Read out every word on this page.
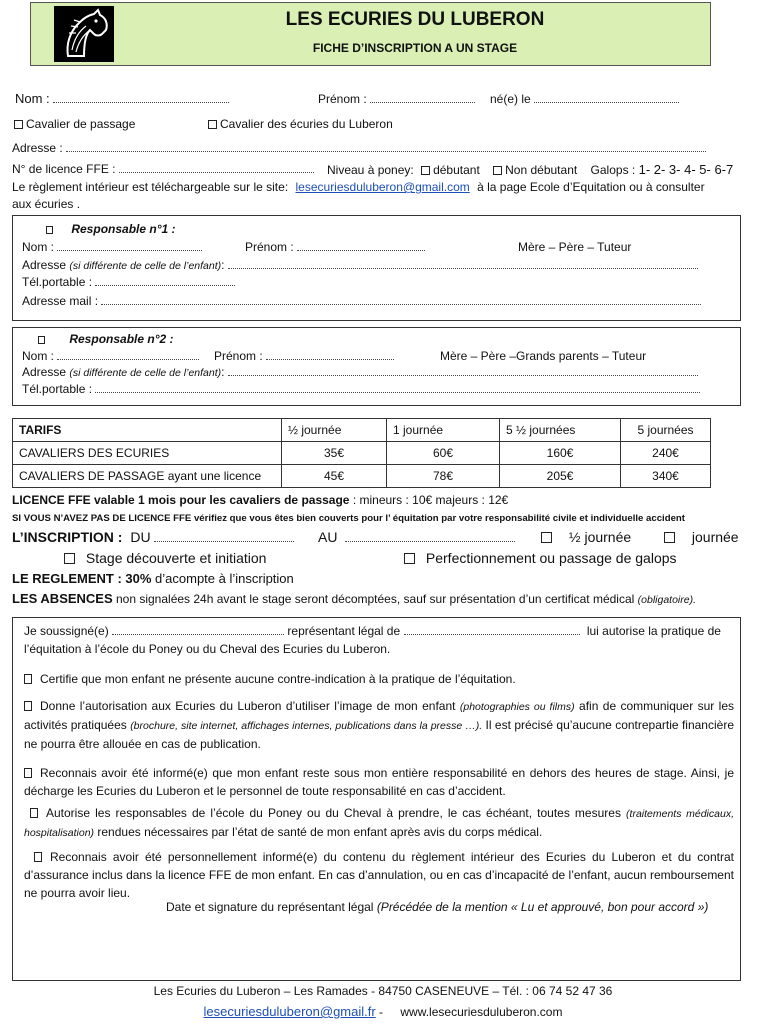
LES ECURIES DU LUBERON
FICHE D’INSCRIPTION A UN STAGE
Nom :	Prénom :	né(e) le
Cavalier de passage	Cavalier des écuries du Luberon
Adresse :
N° de licence FFE :	Niveau à poney: débutant Non débutant Galops : 1- 2- 3- 4- 5- 6-7
Le règlement intérieur est téléchargeable sur le site: lesecuriesduluberon@gmail.com à la page Ecole d’Equitation ou à consulter
aux écuries .
Responsable n°1 :
Nom :	Prénom :	Mère – Père – Tuteur
Adresse (si différente de celle de l’enfant):
Tél.portable :
Adresse mail :
Responsable n°2 :
Nom :	Prénom :	Mère – Père –Grands parents – Tuteur
Adresse (si différente de celle de l’enfant):
Tél.portable :
TARIFS	½ journée	1 journée	5 ½ journées	5 journées
CAVALIERS DES ECURIES	35€	60€	160€	240€
CAVALIERS DE PASSAGE ayant une licence	45€	78€	205€	340€
LICENCE FFE valable 1 mois pour les cavaliers de passage : mineurs : 10€ majeurs : 12€
SI VOUS N’AVEZ PAS DE LICENCE FFE vérifiez que vous êtes bien couverts pour l’ équitation par votre responsabilité civile et individuelle accident
L’INSCRIPTION : DU	AU	½ journée	journée
Stage découverte et initiation	Perfectionnement ou passage de galops
LE REGLEMENT : 30% d’acompte à l’inscription
LES ABSENCES non signalées 24h avant le stage seront décomptées, sauf sur présentation d’un certificat médical (obligatoire).
Je soussigné(e)	représentant légal de	lui autorise la pratique de
l’équitation à l’école du Poney ou du Cheval des Ecuries du Luberon.
Certifie que mon enfant ne présente aucune contre-indication à la pratique de l’équitation.
Donne l’autorisation aux Ecuries du Luberon d’utiliser l’image de mon enfant (photographies ou films) afin de communiquer sur les activités pratiquées (brochure, site internet, affichages internes, publications dans la presse …). Il est précisé qu’aucune contrepartie financière ne pourra être allouée en cas de publication.
Reconnais avoir été informé(e) que mon enfant reste sous mon entière responsabilité en dehors des heures de stage. Ainsi, je décharge les Ecuries du Luberon et le personnel de toute responsabilité en cas d’accident.
Autorise les responsables de l’école du Poney ou du Cheval à prendre, le cas échéant, toutes mesures (traitements médicaux, hospitalisation) rendues nécessaires par l’état de santé de mon enfant après avis du corps médical.
Reconnais avoir été personnellement informé(e) du contenu du règlement intérieur des Ecuries du Luberon et du contrat d’assurance inclus dans la licence FFE de mon enfant. En cas d’annulation, ou en cas d’incapacité de l’enfant, aucun remboursement ne pourra avoir lieu.
Date et signature du représentant légal (Précédée de la mention « Lu et approuvé, bon pour accord »)
Les Ecuries du Luberon – Les Ramades - 84750 CASENEUVE – Tél. : 06 74 52 47 36
lesecuriesduluberon@gmail.fr - www.lesecuriesduluberon.com
